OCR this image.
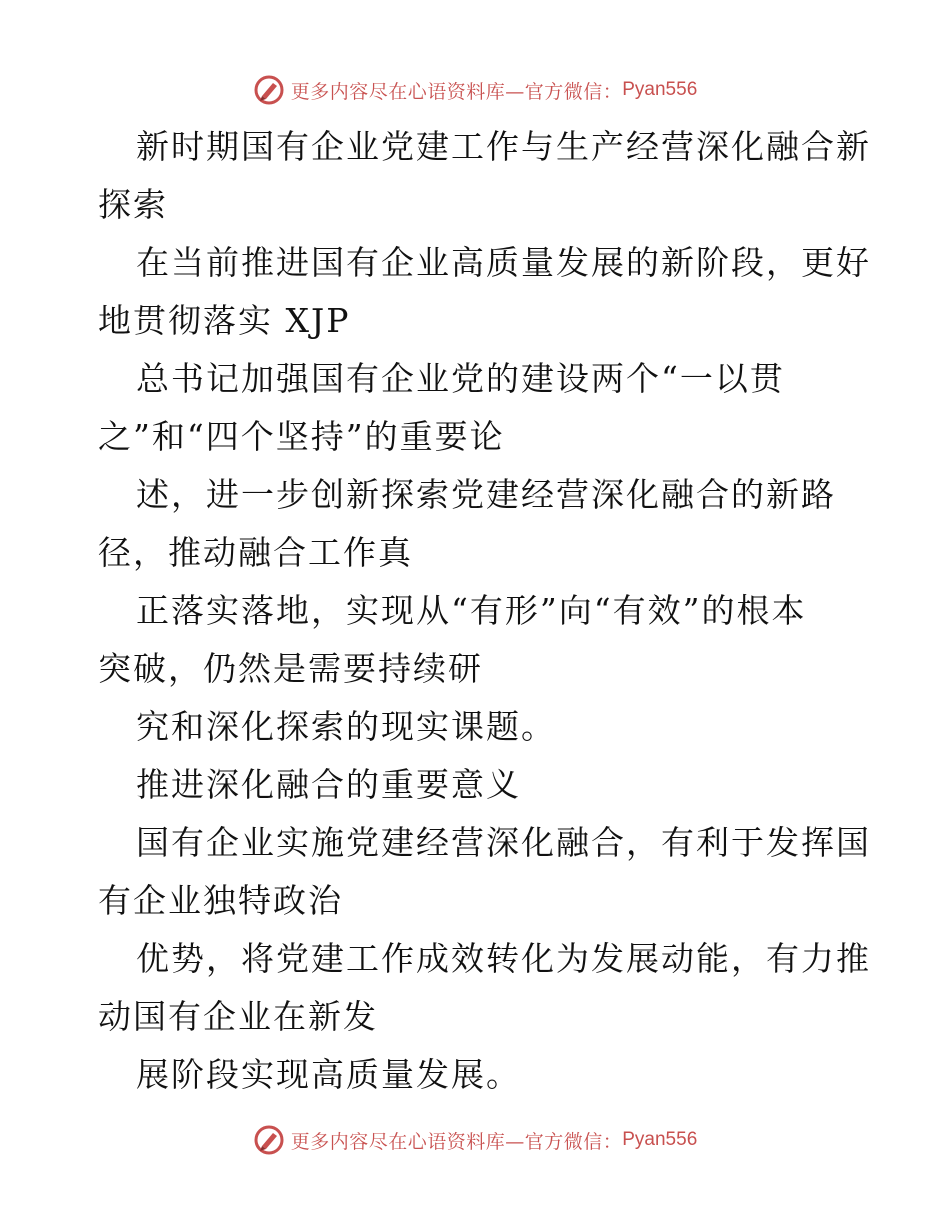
更多内容尽在心语资料库—官方微信： Pyan556

新时期国有企业党建工作与生产经营深化融合新
探索

在当前推进国有企业高质量发展的新阶段，更好
地贯彻落实 XJP

总书记加强国有企业党的建设两个“一以贯
之”和“四个坚持”的重要论

述，进一步创新探索党建经营深化融合的新路
径，推动融合工作真

正落实落地，实现从“有形”向“有效”的根本
突破，仍然是需要持续研

究和深化探索的现实课题。

推进深化融合的重要意义

国有企业实施党建经营深化融合，有利于发挥国
有企业独特政治

优势，将党建工作成效转化为发展动能，有力推
动国有企业在新发

展阶段实现高质量发展。

更多内容尽在心语资料库—官方微信： Pyan556
